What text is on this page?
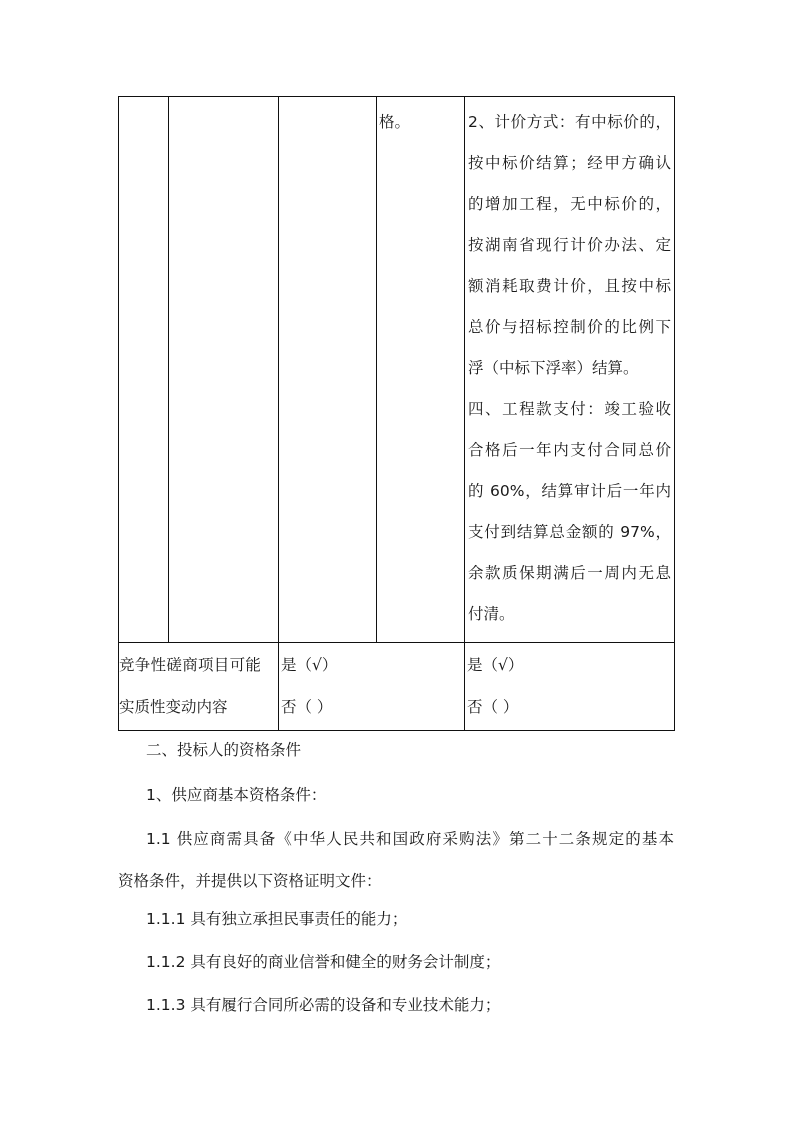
格。	2、计价方式：有中标价的，
按中标价结算；经甲方确认
的增加工程，无中标价的，
按湖南省现行计价办法、定
额消耗取费计价，且按中标
总价与招标控制价的比例下
浮（中标下浮率）结算。
四、工程款支付：竣工验收
合格后一年内支付合同总价
的 60%，结算审计后一年内
支付到结算总金额的 97%，
余款质保期满后一周内无息
付清。
竞争性磋商项目可能
实质性变动内容
是（√）
否（ ）
是（√）
否（ ）
二、投标人的资格条件
1、供应商基本资格条件：
1.1 供应商需具备《中华人民共和国政府采购法》第二十二条规定的基本
资格条件，并提供以下资格证明文件：
1.1.1 具有独立承担民事责任的能力；
1.1.2 具有良好的商业信誉和健全的财务会计制度；
1.1.3 具有履行合同所必需的设备和专业技术能力；
